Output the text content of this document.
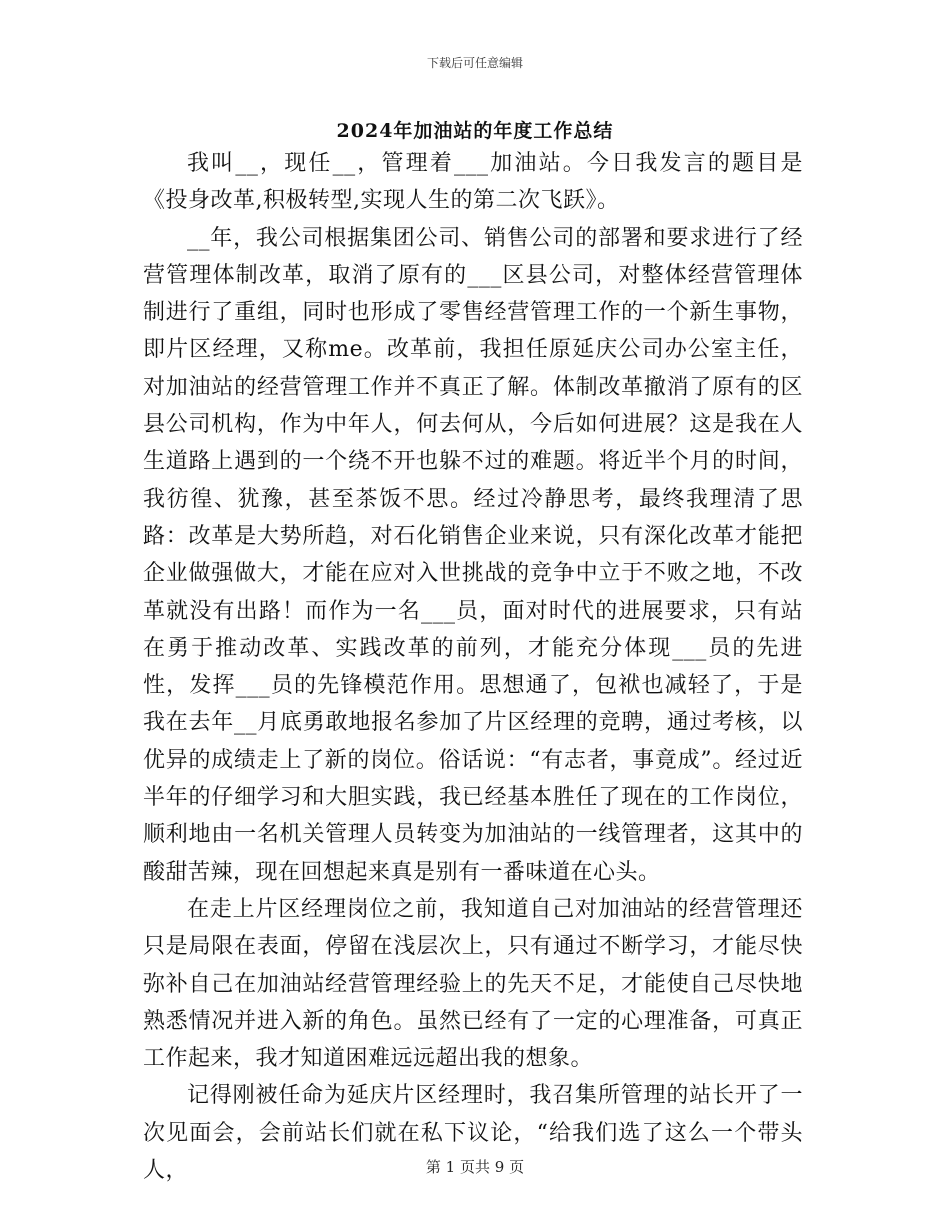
下载后可任意编辑
2024年加油站的年度工作总结

我叫__，现任__，管理着___加油站。今日我发言的题目是《投身改革,积极转型,实现人生的第二次飞跃》。

__年，我公司根据集团公司、销售公司的部署和要求进行了经营管理体制改革，取消了原有的___区县公司，对整体经营管理体制进行了重组，同时也形成了零售经营管理工作的一个新生事物，即片区经理，又称me。改革前，我担任原延庆公司办公室主任，对加油站的经营管理工作并不真正了解。体制改革撤消了原有的区县公司机构，作为中年人，何去何从，今后如何进展？这是我在人生道路上遇到的一个绕不开也躲不过的难题。将近半个月的时间，我彷徨、犹豫，甚至茶饭不思。经过冷静思考，最终我理清了思路：改革是大势所趋，对石化销售企业来说，只有深化改革才能把企业做强做大，才能在应对入世挑战的竞争中立于不败之地，不改革就没有出路！而作为一名___员，面对时代的进展要求，只有站在勇于推动改革、实践改革的前列，才能充分体现___员的先进性，发挥___员的先锋模范作用。思想通了，包袱也减轻了，于是我在去年__月底勇敢地报名参加了片区经理的竞聘，通过考核，以优异的成绩走上了新的岗位。俗话说：“有志者，事竟成”。经过近半年的仔细学习和大胆实践，我已经基本胜任了现在的工作岗位，顺利地由一名机关管理人员转变为加油站的一线管理者，这其中的酸甜苦辣，现在回想起来真是别有一番味道在心头。

在走上片区经理岗位之前，我知道自己对加油站的经营管理还只是局限在表面，停留在浅层次上，只有通过不断学习，才能尽快弥补自己在加油站经营管理经验上的先天不足，才能使自己尽快地熟悉情况并进入新的角色。虽然已经有了一定的心理准备，可真正工作起来，我才知道困难远远超出我的想象。

记得刚被任命为延庆片区经理时，我召集所管理的站长开了一次见面会，会前站长们就在私下议论，“给我们选了这么一个带头人，	第 1 页共 9 页
